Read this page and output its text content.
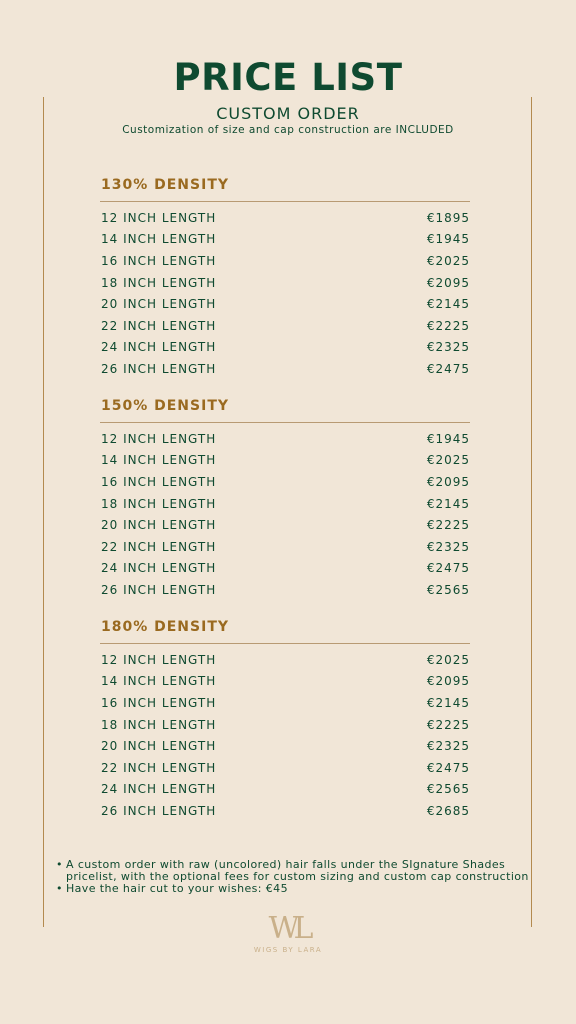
PRICE LIST
CUSTOM ORDER
Customization of size and cap construction are INCLUDED
130% DENSITY
12 INCH LENGTH	€1895
14 INCH LENGTH	€1945
16 INCH LENGTH	€2025
18 INCH LENGTH	€2095
20 INCH LENGTH	€2145
22 INCH LENGTH	€2225
24 INCH LENGTH	€2325
26 INCH LENGTH	€2475
150% DENSITY
12 INCH LENGTH	€1945
14 INCH LENGTH	€2025
16 INCH LENGTH	€2095
18 INCH LENGTH	€2145
20 INCH LENGTH	€2225
22 INCH LENGTH	€2325
24 INCH LENGTH	€2475
26 INCH LENGTH	€2565
180% DENSITY
12 INCH LENGTH	€2025
14 INCH LENGTH	€2095
16 INCH LENGTH	€2145
18 INCH LENGTH	€2225
20 INCH LENGTH	€2325
22 INCH LENGTH	€2475
24 INCH LENGTH	€2565
26 INCH LENGTH	€2685
• A custom order with raw (uncolored) hair falls under the SIgnature Shades pricelist, with the optional fees for custom sizing and custom cap construction
• Have the hair cut to your wishes: €45
WL
WIGS BY LARA
